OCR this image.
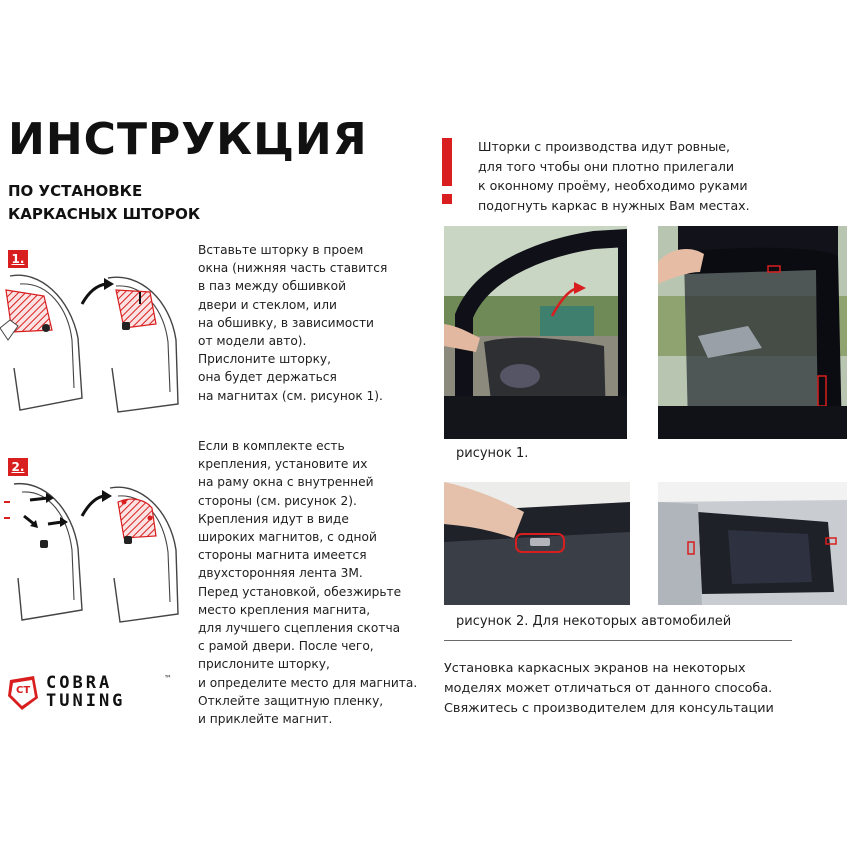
ИНСТРУКЦИЯ
ПО УСТАНОВКЕ
КАРКАСНЫХ ШТОРОК
1.
Вставьте шторку в проем
окна (нижняя часть ставится
в паз между обшивкой
двери и стеклом, или
на обшивку, в зависимости
от модели авто).
Прислоните шторку,
она будет держаться
на магнитах (см. рисунок 1).
2.
Если в комплекте есть
крепления, установите их
на раму окна с внутренней
стороны (см. рисунок 2).
Крепления идут в виде
широких магнитов, с одной
стороны магнита имеется
двухсторонняя лента 3М.
Перед установкой, обезжирьте
место крепления магнита,
для лучшего сцепления скотча
с рамой двери. После чего,
прислоните шторку,
и определите место для магнита.
Отклейте защитную пленку,
и приклейте магнит.
CT COBRA
TUNING
™
Шторки с производства идут ровные,
для того чтобы они плотно прилегали
к оконному проёму, необходимо руками
подогнуть каркас в нужных Вам местах.
рисунок 1.
рисунок 2. Для некоторых автомобилей
Установка каркасных экранов на некоторых
моделях может отличаться от данного способа.
Свяжитесь с производителем для консультации
